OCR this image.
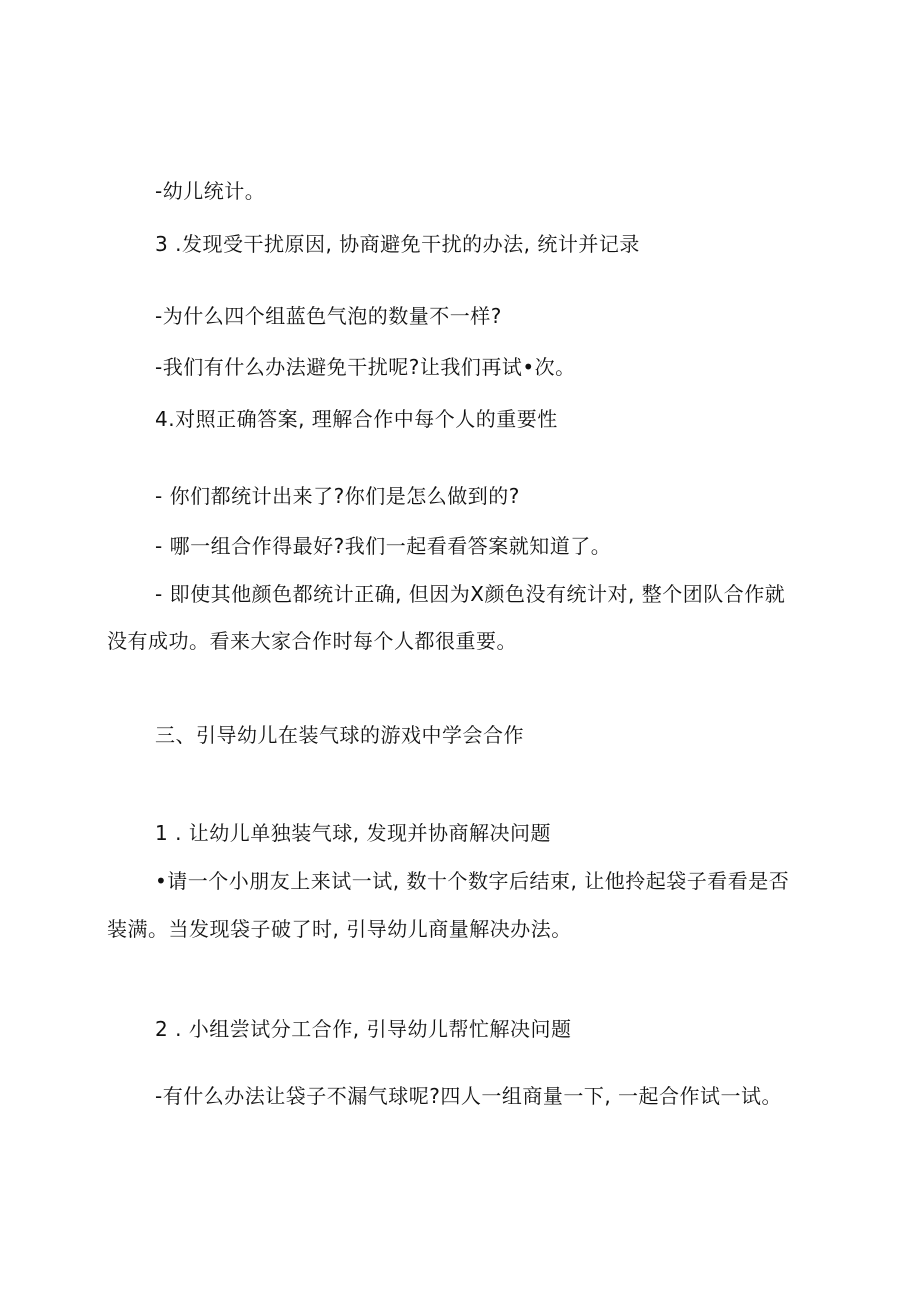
-幼儿统计。
3 .发现受干扰原因, 协商避免干扰的办法, 统计并记录
-为什么四个组蓝色气泡的数量不一样?
-我们有什么办法避免干扰呢?让我们再试•次。
4.对照正确答案, 理解合作中每个人的重要性
- 你们都统计出来了?你们是怎么做到的?
- 哪一组合作得最好?我们一起看看答案就知道了。
- 即使其他颜色都统计正确, 但因为X颜色没有统计对, 整个团队合作就
没有成功。看来大家合作时每个人都很重要。
三、引导幼儿在装气球的游戏中学会合作
1 . 让幼儿单独装气球, 发现并协商解决问题
•请一个小朋友上来试一试, 数十个数字后结束, 让他拎起袋子看看是否
装满。当发现袋子破了时, 引导幼儿商量解决办法。
2 . 小组尝试分工合作, 引导幼儿帮忙解决问题
-有什么办法让袋子不漏气球呢?四人一组商量一下, 一起合作试一试。
